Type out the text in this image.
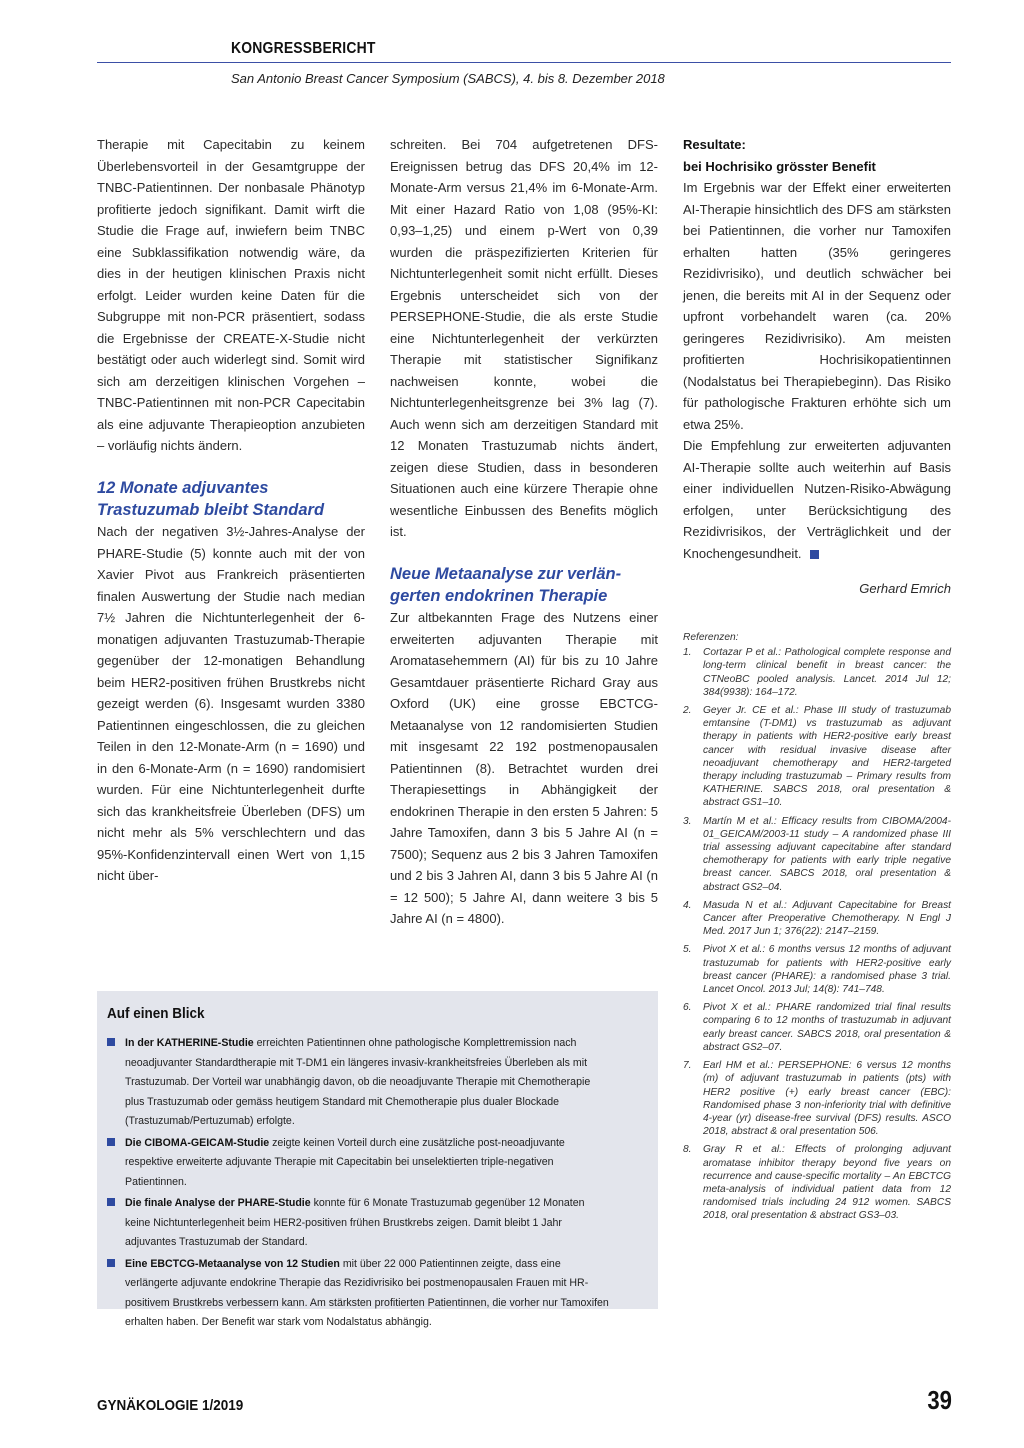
KONGRESSBERICHT
San Antonio Breast Cancer Symposium (SABCS), 4. bis 8. Dezember 2018

Therapie mit Capecitabin zu keinem Überlebensvorteil in der Gesamtgruppe der TNBC-Patientinnen. Der nonbasale Phänotyp profitierte jedoch signifikant. Damit wirft die Studie die Frage auf, inwiefern beim TNBC eine Subklassifikation notwendig wäre, da dies in der heutigen klinischen Praxis nicht erfolgt. Leider wurden keine Daten für die Subgruppe mit non-PCR präsentiert, sodass die Ergebnisse der CREATE-X-Studie nicht bestätigt oder auch widerlegt sind. Somit wird sich am derzeitigen klinischen Vorgehen – TNBC-Patientinnen mit non-PCR Capecitabin als eine adjuvante Therapieoption anzubieten – vorläufig nichts ändern.

12 Monate adjuvantes
Trastuzumab bleibt Standard

Nach der negativen 3½-Jahres-Analyse der PHARE-Studie (5) konnte auch mit der von Xavier Pivot aus Frankreich präsentierten finalen Auswertung der Studie nach median 7½ Jahren die Nichtunterlegenheit der 6-monatigen adjuvanten Trastuzumab-Therapie gegenüber der 12-monatigen Behandlung beim HER2-positiven frühen Brustkrebs nicht gezeigt werden (6). Insgesamt wurden 3380 Patientinnen eingeschlossen, die zu gleichen Teilen in den 12-Monate-Arm (n = 1690) und in den 6-Monate-Arm (n = 1690) randomisiert wurden. Für eine Nichtunterlegenheit durfte sich das krankheitsfreie Überleben (DFS) um nicht mehr als 5% verschlechtern und das 95%-Konfidenzintervall einen Wert von 1,15 nicht über-

schreiten. Bei 704 aufgetretenen DFS-Ereignissen betrug das DFS 20,4% im 12-Monate-Arm versus 21,4% im 6-Monate-Arm. Mit einer Hazard Ratio von 1,08 (95%-KI: 0,93–1,25) und einem p-Wert von 0,39 wurden die präspezifizierten Kriterien für Nichtunterlegenheit somit nicht erfüllt. Dieses Ergebnis unterscheidet sich von der PERSEPHONE-Studie, die als erste Studie eine Nichtunterlegenheit der verkürzten Therapie mit statistischer Signifikanz nachweisen konnte, wobei die Nichtunterlegenheitsgrenze bei 3% lag (7). Auch wenn sich am derzeitigen Standard mit 12 Monaten Trastuzumab nichts ändert, zeigen diese Studien, dass in besonderen Situationen auch eine kürzere Therapie ohne wesentliche Einbussen des Benefits möglich ist.

Neue Metaanalyse zur verlän-
gerten endokrinen Therapie

Zur altbekannten Frage des Nutzens einer erweiterten adjuvanten Therapie mit Aromatasehemmern (AI) für bis zu 10 Jahre Gesamtdauer präsentierte Richard Gray aus Oxford (UK) eine grosse EBCTCG-Metaanalyse von 12 randomisierten Studien mit insgesamt 22 192 postmenopausalen Patientinnen (8). Betrachtet wurden drei Therapiesettings in Abhängigkeit der endokrinen Therapie in den ersten 5 Jahren: 5 Jahre Tamoxifen, dann 3 bis 5 Jahre AI (n = 7500); Sequenz aus 2 bis 3 Jahren Tamoxifen und 2 bis 3 Jahren AI, dann 3 bis 5 Jahre AI (n = 12 500); 5 Jahre AI, dann weitere 3 bis 5 Jahre AI (n = 4800).

Resultate:
bei Hochrisiko grösster Benefit

Im Ergebnis war der Effekt einer erweiterten AI-Therapie hinsichtlich des DFS am stärksten bei Patientinnen, die vorher nur Tamoxifen erhalten hatten (35% geringeres Rezidivrisiko), und deutlich schwächer bei jenen, die bereits mit AI in der Sequenz oder upfront vorbehandelt waren (ca. 20% geringeres Rezidivrisiko). Am meisten profitierten Hochrisikopatientinnen (Nodalstatus bei Therapiebeginn). Das Risiko für pathologische Frakturen erhöhte sich um etwa 25%.

Die Empfehlung zur erweiterten adjuvanten AI-Therapie sollte auch weiterhin auf Basis einer individuellen Nutzen-Risiko-Abwägung erfolgen, unter Berücksichtigung des Rezidivrisikos, der Verträglichkeit und der Knochengesundheit.

Gerhard Emrich
Referenzen:
1.	Cortazar P et al.: Pathological complete response and long-term clinical benefit in breast cancer: the CTNeoBC pooled analysis. Lancet. 2014 Jul 12; 384(9938): 164–172.
2.	Geyer Jr. CE et al.: Phase III study of trastuzumab emtansine (T-DM1) vs trastuzumab as adjuvant therapy in patients with HER2-positive early breast cancer with residual invasive disease after neoadjuvant chemotherapy and HER2-targeted therapy including trastuzumab – Primary results from KATHERINE. SABCS 2018, oral presentation & abstract GS1–10.
3.	Martín M et al.: Efficacy results from CIBOMA/2004-01_GEICAM/2003-11 study – A randomized phase III trial assessing adjuvant capecitabine after standard chemotherapy for patients with early triple negative breast cancer. SABCS 2018, oral presentation & abstract GS2–04.
4.	Masuda N et al.: Adjuvant Capecitabine for Breast Cancer after Preoperative Chemotherapy. N Engl J Med. 2017 Jun 1; 376(22): 2147–2159.
5.	Pivot X et al.: 6 months versus 12 months of adjuvant trastuzumab for patients with HER2-positive early breast cancer (PHARE): a randomised phase 3 trial. Lancet Oncol. 2013 Jul; 14(8): 741–748.
6.	Pivot X et al.: PHARE randomized trial final results comparing 6 to 12 months of trastuzumab in adjuvant early breast cancer. SABCS 2018, oral presentation & abstract GS2–07.
7.	Earl HM et al.: PERSEPHONE: 6 versus 12 months (m) of adjuvant trastuzumab in patients (pts) with HER2 positive (+) early breast cancer (EBC): Randomised phase 3 non-inferiority trial with definitive 4-year (yr) disease-free survival (DFS) results. ASCO 2018, abstract & oral presentation 506.
8.	Gray R et al.: Effects of prolonging adjuvant aromatase inhibitor therapy beyond five years on recurrence and cause-specific mortality – An EBCTCG meta-analysis of individual patient data from 12 randomised trials including 24 912 women. SABCS 2018, oral presentation & abstract GS3–03.
Auf einen Blick
In der KATHERINE-Studie erreichten Patientinnen ohne pathologische Komplettremission nach neoadjuvanter Standardtherapie mit T-DM1 ein längeres invasiv-krankheitsfreies Überleben als mit Trastuzumab. Der Vorteil war unabhängig davon, ob die neoadjuvante Therapie mit Chemotherapie plus Trastuzumab oder gemäss heutigem Standard mit Chemotherapie plus dualer Blockade (Trastuzumab/Pertuzumab) erfolgte.
Die CIBOMA-GEICAM-Studie zeigte keinen Vorteil durch eine zusätzliche post-neoadjuvante respektive erweiterte adjuvante Therapie mit Capecitabin bei unselektierten triple-negativen Patientinnen.
Die finale Analyse der PHARE-Studie konnte für 6 Monate Trastuzumab gegenüber 12 Monaten keine Nichtunterlegenheit beim HER2-positiven frühen Brustkrebs zeigen. Damit bleibt 1 Jahr adjuvantes Trastuzumab der Standard.
Eine EBCTCG-Metaanalyse von 12 Studien mit über 22 000 Patientinnen zeigte, dass eine verlängerte adjuvante endokrine Therapie das Rezidivrisiko bei postmenopausalen Frauen mit HR-positivem Brustkrebs verbessern kann. Am stärksten profitierten Patientinnen, die vorher nur Tamoxifen erhalten haben. Der Benefit war stark vom Nodalstatus abhängig.
GYNÄKOLOGIE 1/2019	39
